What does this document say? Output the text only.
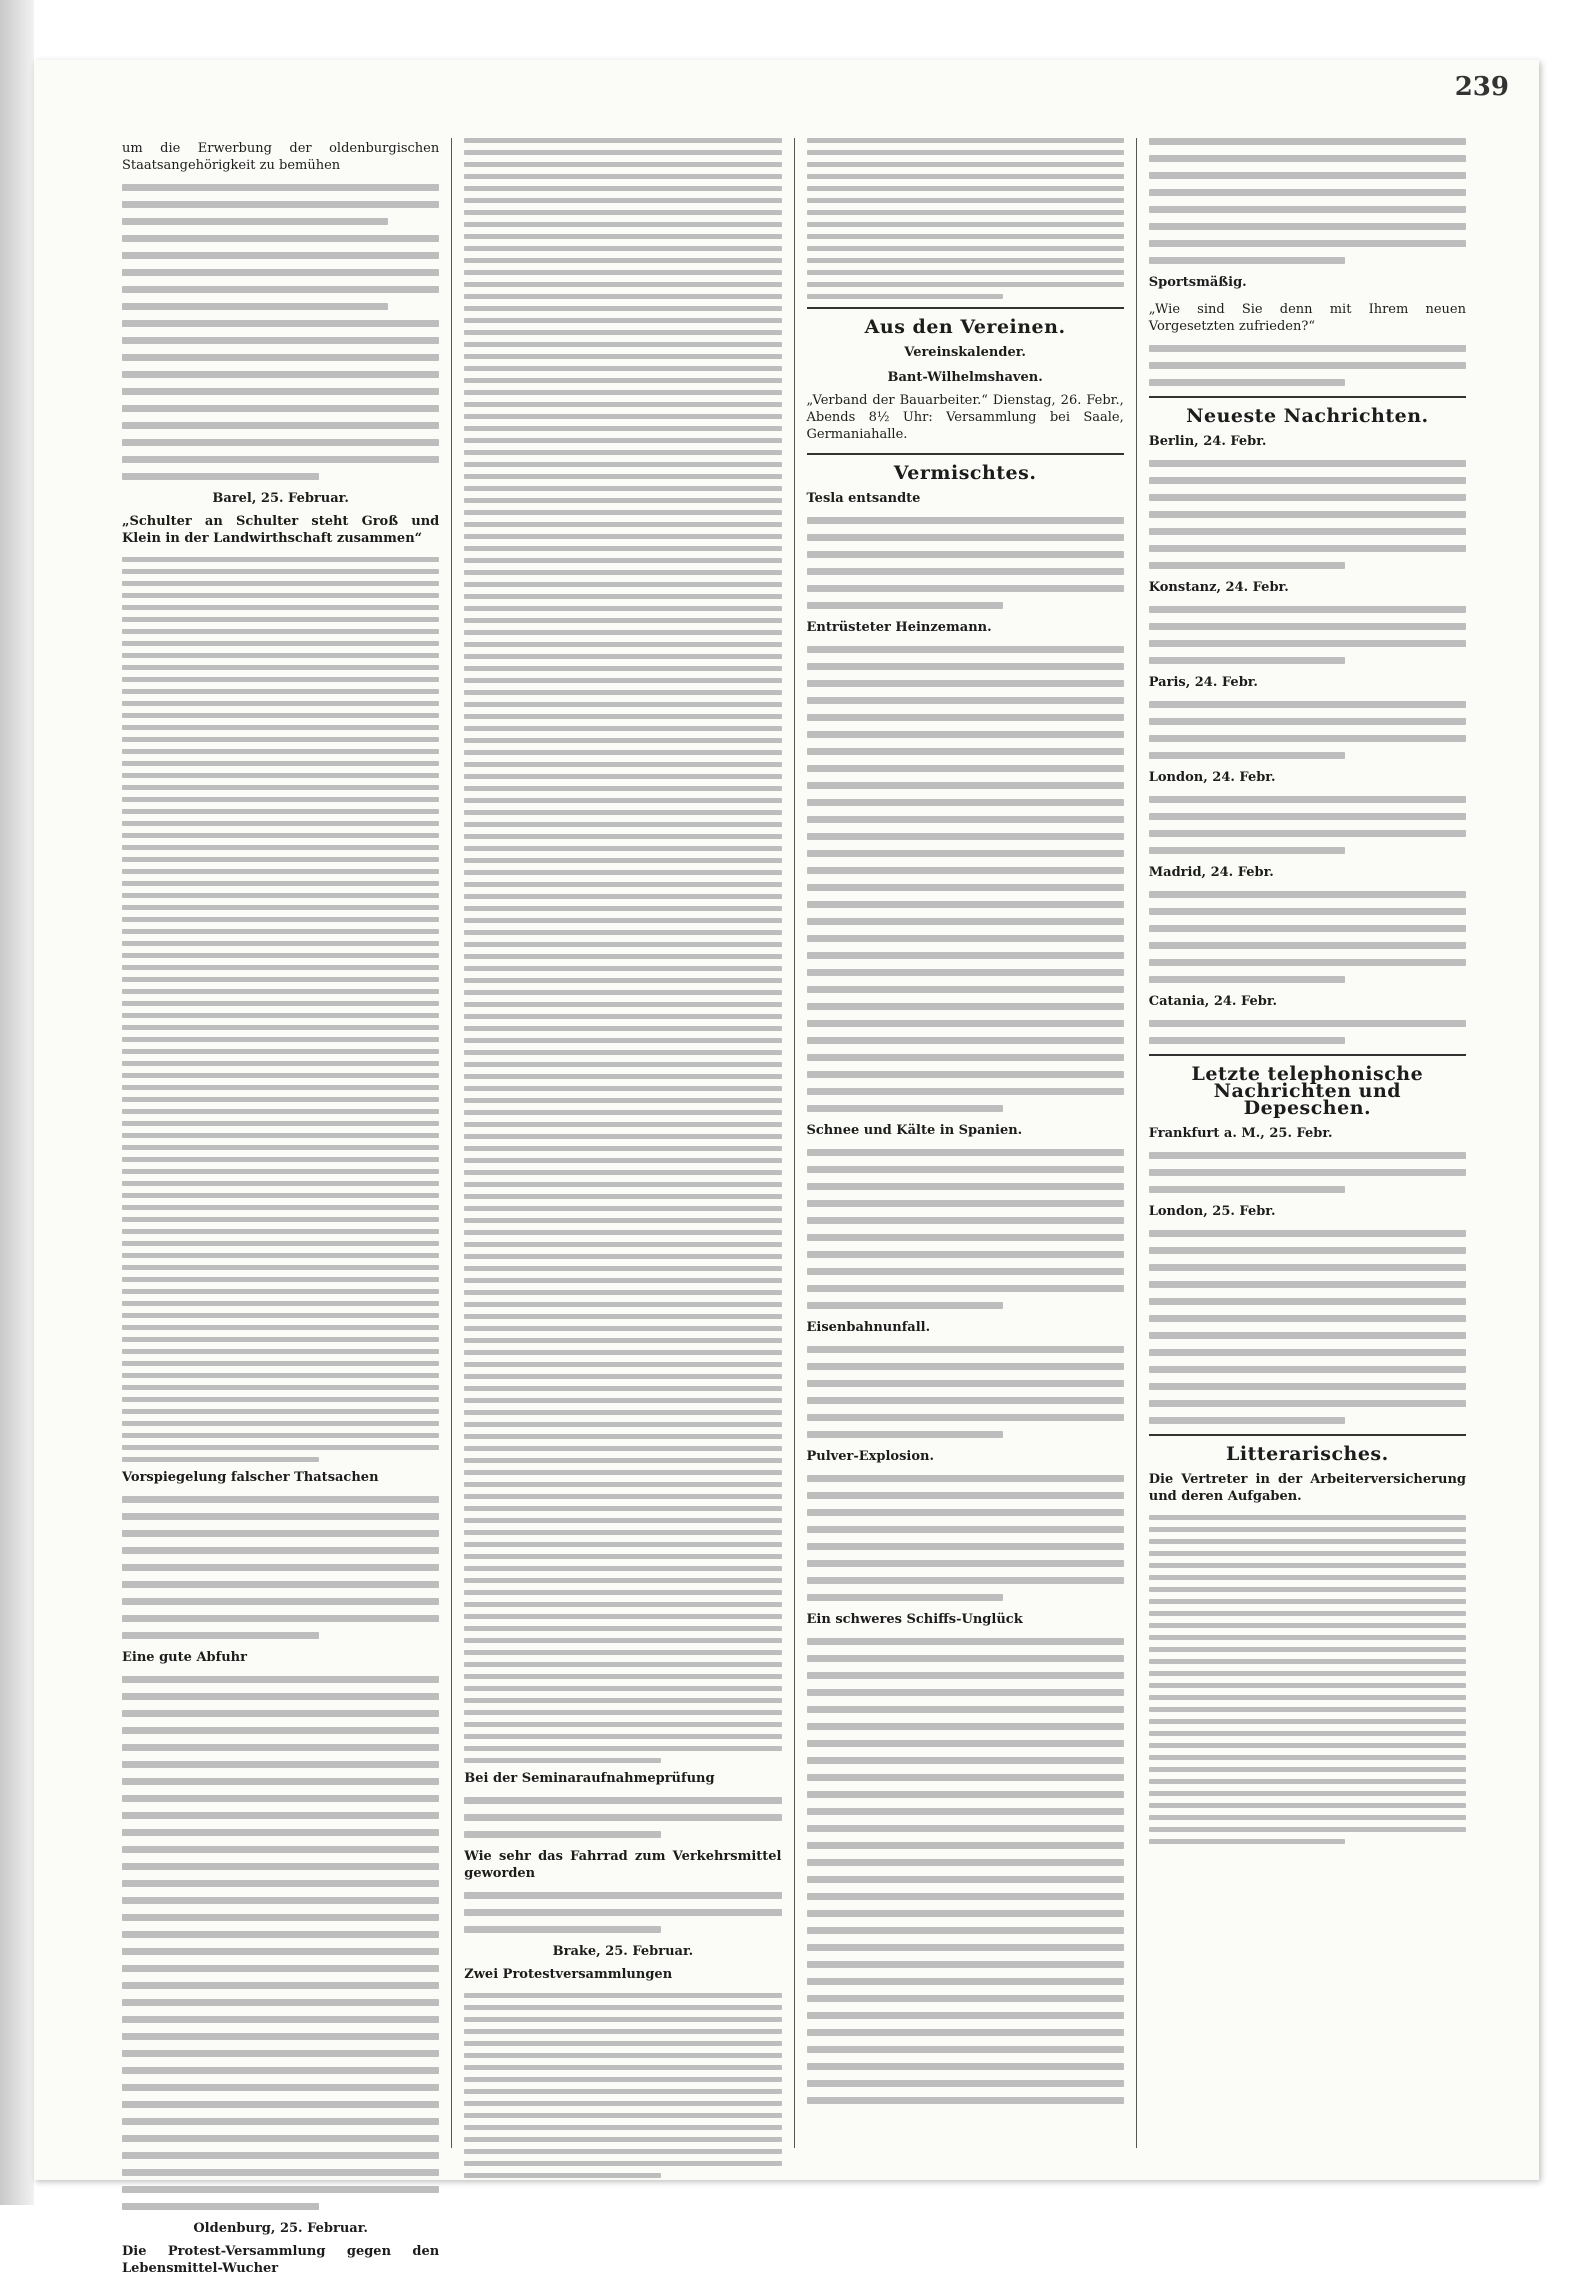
239
um die Erwerbung der oldenburgischen Staatsangehörigkeit zu bemühen
Barel, 25. Februar.
„Schulter an Schulter steht Groß und Klein in der Landwirthschaft zusammen“
Vorspiegelung falscher Thatsachen
Eine gute Abfuhr
Oldenburg, 25. Februar.
Die Protest-Versammlung gegen den Lebensmittel-Wucher
Bei der Seminaraufnahmeprüfung
Wie sehr das Fahrrad zum Verkehrsmittel geworden
Brake, 25. Februar.
Zwei Protestversammlungen
Aus den Vereinen.
Vereinskalender.
Bant-Wilhelmshaven.
„Verband der Bauarbeiter.“ Dienstag, 26. Febr., Abends 8½ Uhr: Versammlung bei Saale, Germaniahalle.
Vermischtes.
Tesla entsandte
Entrüsteter Heinzemann.
Schnee und Kälte in Spanien.
Eisenbahnunfall.
Pulver-Explosion.
Ein schweres Schiffs-Unglück
Sportsmäßig.
„Wie sind Sie denn mit Ihrem neuen Vorgesetzten zufrieden?“
Neueste Nachrichten.
Berlin, 24. Febr.
Konstanz, 24. Febr.
Paris, 24. Febr.
London, 24. Febr.
Madrid, 24. Febr.
Catania, 24. Febr.
Letzte telephonische Nachrichten und Depeschen.
Frankfurt a. M., 25. Febr.
London, 25. Febr.
Litterarisches.
Die Vertreter in der Arbeiterversicherung und deren Aufgaben.
